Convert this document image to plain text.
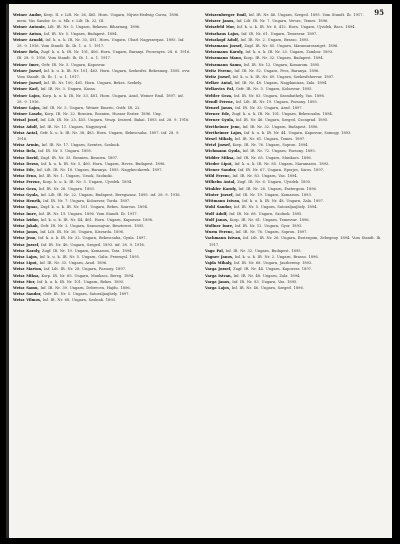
95

Weiner Andor, Kerp. II. r. Lilt. Nr. 26, 465. Horn. Ungarn, Nijwis-Hedwig Corea, 1896. mem. Vas Sandor. Ie. u. Mk. r. Lilt. Ib. 22. III.

Weiner Antonie, Lilt. IR. Nr. 5. Ungarn, Bekeser, Biharmeg. 1896.

Weiner Anton, Inf. IR. Nr. 5. Ungarn, Budapest. 1894.

Weiner Arnold, Inf. k. u. k. IR. Nr. 33, 491. Horn. Ungarn, Ubarl Nagyszerpas. 1895. Inf. 28. 9. 1916. Vom Standt. Ib. Ib. 1. u. 1. 1917.

Weiner Bela, Zugf. k. u. k. IR. Nr. 101, 406. Horn. Ungarn, Baranyi. Pecsenyes. 28. 6. 1916. IB. 28. 9. 1916. Vom Standt. Ib. Ib. 1. u. 1. 1917.

Weiner Imre, Gefr. IR. Nr. 5. Ungarn, Kaposvar.

Weiner Jozsef, Inf. k. u. k. IR. Nr. 101, 463. Horn. Ungarn, Szekesfei. Bekesmeg. 1895. ovw. Vom Standt. Ib. Ib. 1. u. 1. 1917.

Weiner Jozsef, Inf. IR. Nr. 100, 461. Horn. Ungarn, Bekes. Szekely.

Weiner Karl, Inf. IR. Nr. 3. Ungarn, Kassa.

Weiner Lajos, Korp. k. u. k. IR. Nr. 33, 481. Horn. Ungarn, Arad, Weiner Emil. 1897. inf. 28. 9. 1916.

Weiner Lajos, Inf. IR. Nr. 5. Ungarn, Weiner Emeric, Ostfr. IR. 22.

Weiner Laszlo, Korp. IR. Nr. 22. Bosnien, Bosnien, Huszar Eszter. 1896. Ung.

Weiszl Josef, Inf. Lilt. IR. Nr. 25, 455. Ungarn, Veszp. Ieszerd. Babai. 1893. inf. 28. 9. 1916.

Weisz Adolf, Inf. IR. Nr. 11. Ungarn, Nagyenyed.

Weisz Antal, Gefr. k. u. k. IR. Nr. 38, 483. Horn. Ungarn, Bekescsaba. 1897. inf. 28. 9. 1916.

Weisz Armin, Inf. IR. Nr. 17. Ungarn, Szentes, Szolnok.

Weisz Bela, Inf. IR. Nr. 5. Ungarn. 1895.

Weisz David, Zugf. IR. Nr. 35. Bosnien, Bosnien. 1897.

Weisz Dezso, Inf. k. u. k. IR. Nr. 5, 460. Horn. Ungarn, Heves. Budapest. 1896.

Weisz Ede, Inf. Lilt. IR. Nr. 18. Ungarn, Baranya. 1895. Nagybecskerek. 1897.

Weisz Erno, Inf. IR. Nr. 1. Ungarn, Uzsok, Szolnoki.

Weisz Ferenc, Korp. k. u. k. IR. Nr. 5. Ungarn, Ujvidek. 1894.

Weisz Geza, Inf. IR. Nr. 26. Ungarn. 1893.

Weisz Gyula, Inf. Lilt. IR. Nr. 22. Ungarn, Budapest, Beregszasz. 1895. inf. 28. 9. 1916.

Weisz Henrik, Inf. IR. Nr. 7. Ungarn, Kolozsvar, Torda. 1897.

Weisz Ignac, Zugf. k. u. k. IR. Nr. 101. Ungarn, Bekes. Szarvas. 1894.

Weisz Imre, Inf. IR. Nr. 19. Ungarn. 1896. Vom Standt. Ib. 1917.

Weisz Izidor, Inf. k. u. k. IR. Nr. 44, 461. Horn. Ungarn, Kaposvar. 1898.

Weisz Jakab, Gefr. IR. Nr. 2. Ungarn, Szamosujvar, Besztercei. 1895.

Weisz Janos, Inf. Lilt. IR. Nr. 26. Ungarn, Kisvarda. 1896.

Weisz Jeno, Inf. k. u. k. IR. Nr. 32. Ungarn, Bekescsaba, Gyula. 1897.

Weisz Jozsef, Inf. IR. Nr. 46. Ungarn, Szeged. 1893. inf. 28. 9. 1916.

Weisz Karoly, Zugf. IR. Nr. 19. Ungarn, Komarom, Tata. 1894.

Weisz Lajos, Inf. k. u. k. IR. Nr. 5. Ungarn, Galiz. Przemysl. 1895.

Weisz Lipot, Inf. IR. Nr. 33. Ungarn, Arad. 1896.

Weisz Marton, Inf. Lilt. IR. Nr. 28. Ungarn, Pozsony. 1897.

Weisz Miksa, Korp. IR. Nr. 65. Ungarn, Munkacs, Bereg. 1894.

Weisz Mor, Inf. k. u. k. IR. Nr. 101. Ungarn, Bekes. 1895.

Weisz Samu, Inf. IR. Nr. 39. Ungarn, Debrecen, Hajdu. 1896.

Weisz Sandor, Gefr. IR. Nr. 5. Ungarn, Satoraljaujhely. 1897.

Weisz Vilmos, Inf. IR. Nr. 68. Ungarn, Szolnok. 1893.

Weiszenberger Emil, Inf. IR. Nr. 46. Ungarn, Szeged. 1895. Vom Standt. Ib. 1917.

Weiszer Janos, Inf. Lilt. IR. Nr. 7. Ungarn, Versec, Temes. 1896.

Weiszfeld Mor, Inf. k. u. k. IR. Nr. 6, 412. Horn. Ungarn, Ujvidek, Bacs. 1894.

Weiszhaus Lajos, Inf. IR. Nr. 61. Ungarn, Temesvar. 1897.

Weiszkopf Adolf, Inf. IR. Nr. 2. Ungarn, Brasso. 1895.

Weiszmann Jozsef, Zugf. IR. Nr. 85. Ungarn, Maramarossziget. 1896.

Weiszmann Karoly, Inf. k. u. k. IR. Nr. 23. Ungarn, Zombor. 1893.

Weiszmann Mano, Korp. IR. Nr. 32. Ungarn, Budapest. 1894.

Weiszmann Samu, Inf. IR. Nr. 12. Ungarn, Komarom. 1895.

Weitz Ferenc, Inf. IR. Nr. 52. Ungarn, Pecs, Baranya. 1896.

Weitz Jozsef, Inf. k. u. k. IR. Nr. 69. Ungarn, Szekesfehervar. 1897.

Welker Antal, Inf. IR. Nr. 48. Ungarn, Nagykanizsa, Zala. 1894.

Welkovics Pal, Gefr. IR. Nr. 5. Ungarn, Kolozsvar. 1895.

Weltler Geza, Inf. IR. Nr. 83. Ungarn, Szombathely, Vas. 1896.

Wendl Ferenc, Inf. Lilt. IR. Nr. 19. Ungarn, Pozsony. 1893.

Wenzel Janos, Inf. IR. Nr. 33. Ungarn, Arad. 1897.

Werner Ede, Zugf. k. u. k. IR. Nr. 101. Ungarn, Bekescsaba. 1894.

Werner Gyula, Inf. IR. Nr. 46. Ungarn, Szeged, Csongrad. 1895.

Wertheimer Jeno, Inf. IR. Nr. 32. Ungarn, Budapest. 1896.

Wertheimer Lajos, Inf. k. u. k. IR. Nr. 44. Ungarn, Kaposvar, Somogy. 1893.

Wesel Mihaly, Inf. IR. Nr. 61. Ungarn, Temes. 1897.

Wetzl Jozsef, Korp. IR. Nr. 76. Ungarn, Sopron. 1894.

Wichmann Gyula, Inf. IR. Nr. 72. Ungarn, Pozsony. 1895.

Widder Miksa, Inf. IR. Nr. 65. Ungarn, Munkacs. 1896.

Wieder Lipot, Inf. k. u. k. IR. Nr. 85. Ungarn, Maramaros. 1893.

Wiener Sandor, Inf. IR. Nr. 67. Ungarn, Eperjes, Saros. 1897.

Wild Ferenc, Inf. IR. Nr. 83. Ungarn, Vas. 1894.

Wilhelm Antal, Zugf. IR. Nr. 6. Ungarn, Ujvidek. 1895.

Winkler Karoly, Inf. IR. Nr. 26. Ungarn, Esztergom. 1896.

Winter Jozsef, Inf. IR. Nr. 19. Ungarn, Komarom. 1893.

Wittmann Istvan, Inf. k. u. k. IR. Nr. 48. Ungarn, Zala. 1897.

Wohl Sandor, Inf. IR. Nr. 5. Ungarn, Satoraljaujhely. 1894.

Wolf Adolf, Inf. IR. Nr. 68. Ungarn, Szolnok. 1895.

Wolf Janos, Korp. IR. Nr. 61. Ungarn, Temesvar. 1896.

Wollner Imre, Inf. IR. Nr. 12. Ungarn, Gyor. 1893.

Wurm Ferenc, Inf. IR. Nr. 76. Ungarn, Sopron. 1897.

Vachmann Istvan, Inf. Lilt. IR. Nr. 26. Ungarn, Esztergom, Zebegeny. 1894. Vom Standt. Ib. 1917.

Vago Pal, Inf. IR. Nr. 32. Ungarn, Budapest. 1895.

Vagner Janos, Inf. k. u. k. IR. Nr. 2. Ungarn, Brasso. 1896.

Vajda Mihaly, Inf. IR. Nr. 68. Ungarn, Jaszbereny. 1893.

Varga Jozsef, Zugf. IR. Nr. 44. Ungarn, Kaposvar. 1897.

Varga Istvan, Inf. IR. Nr. 48. Ungarn, Zala. 1894.

Varga Janos, Inf. IR. Nr. 83. Ungarn, Vas. 1895.

Varga Lajos, Inf. IR. Nr. 46. Ungarn, Szeged. 1896.
